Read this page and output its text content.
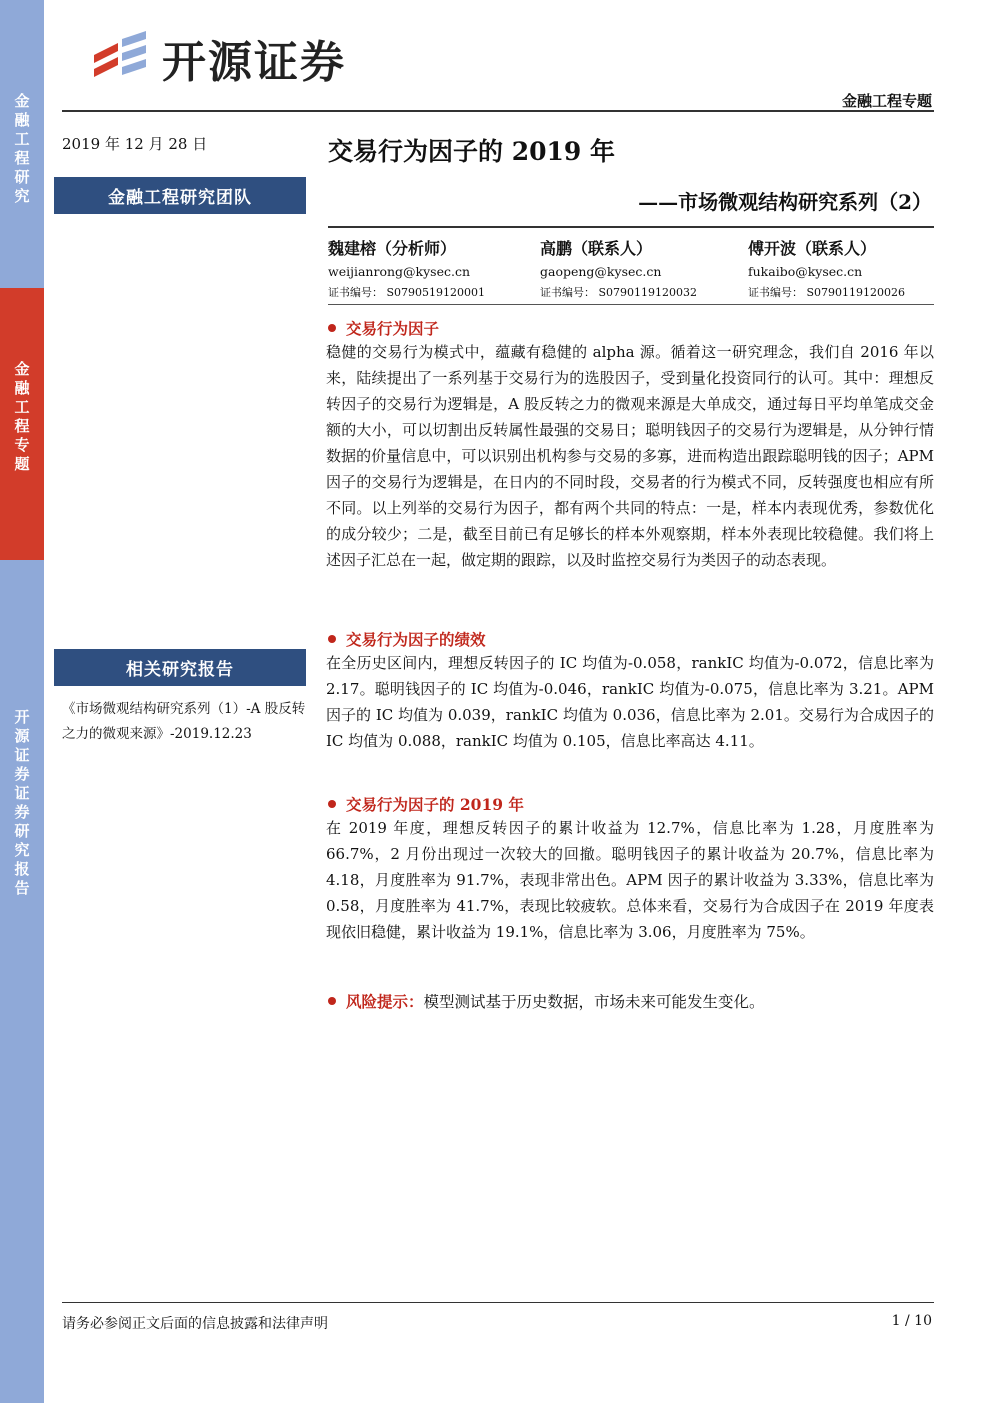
金融工程研究
金融工程专题
开源证券 证券研究报告
开源证券
金融工程专题
2019 年 12 月 28 日	交易行为因子的 2019 年
金融工程研究团队	——市场微观结构研究系列（2）
魏建榕（分析师）
weijianrong@kysec.cn
证书编号： S0790519120001
高鹏（联系人）
gaopeng@kysec.cn
证书编号： S0790119120032
傅开波（联系人）
fukaibo@kysec.cn
证书编号： S0790119120026
交易行为因子
稳健的交易行为模式中，蕴藏有稳健的 alpha 源。循着这一研究理念，我们自 2016 年以来，陆续提出了一系列基于交易行为的选股因子，受到量化投资同行的认可。其中：理想反转因子的交易行为逻辑是，A 股反转之力的微观来源是大单成交，通过每日平均单笔成交金额的大小，可以切割出反转属性最强的交易日；聪明钱因子的交易行为逻辑是，从分钟行情数据的价量信息中，可以识别出机构参与交易的多寡，进而构造出跟踪聪明钱的因子；APM 因子的交易行为逻辑是，在日内的不同时段，交易者的行为模式不同，反转强度也相应有所不同。以上列举的交易行为因子，都有两个共同的特点：一是，样本内表现优秀，参数优化的成分较少；二是，截至目前已有足够长的样本外观察期，样本外表现比较稳健。我们将上述因子汇总在一起，做定期的跟踪，以及时监控交易行为类因子的动态表现。
交易行为因子的绩效
在全历史区间内，理想反转因子的 IC 均值为-0.058，rankIC 均值为-0.072，信息比率为 2.17。聪明钱因子的 IC 均值为-0.046，rankIC 均值为-0.075，信息比率为 3.21。APM 因子的 IC 均值为 0.039，rankIC 均值为 0.036，信息比率为 2.01。交易行为合成因子的 IC 均值为 0.088，rankIC 均值为 0.105，信息比率高达 4.11。
交易行为因子的 2019 年
在 2019 年度，理想反转因子的累计收益为 12.7%，信息比率为 1.28，月度胜率为 66.7%，2 月份出现过一次较大的回撤。聪明钱因子的累计收益为 20.7%，信息比率为 4.18，月度胜率为 91.7%，表现非常出色。APM 因子的累计收益为 3.33%，信息比率为 0.58，月度胜率为 41.7%，表现比较疲软。总体来看，交易行为合成因子在 2019 年度表现依旧稳健，累计收益为 19.1%，信息比率为 3.06，月度胜率为 75%。
风险提示：模型测试基于历史数据，市场未来可能发生变化。
相关研究报告
《市场微观结构研究系列（1）-A 股反转之力的微观来源》-2019.12.23
请务必参阅正文后面的信息披露和法律声明	1 / 10
